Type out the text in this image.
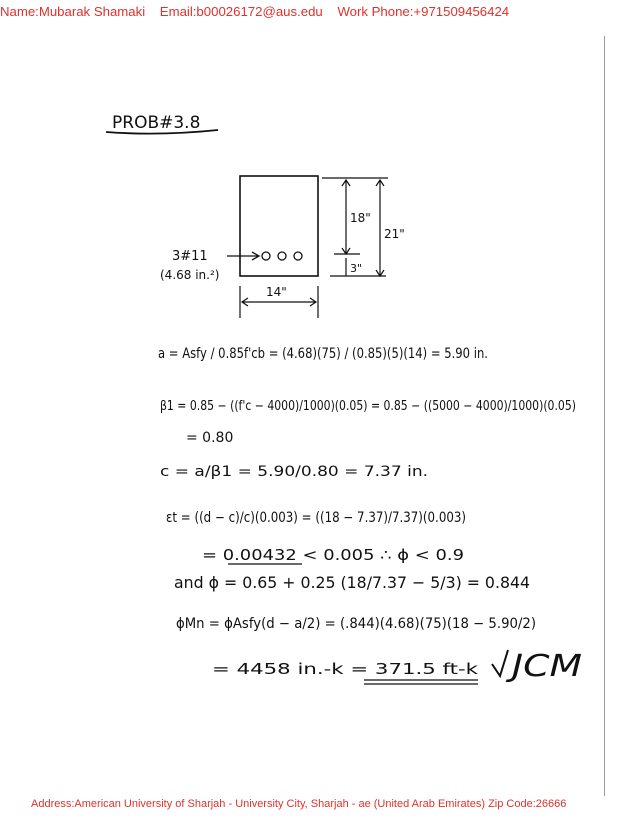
Name:Mubarak Shamaki Email:b00026172@aus.edu Work Phone:+971509456424
PROB#3.8
3#11
(4.68 in.²)
14"
18"
21"
3"
a = Asfy / 0.85f'cb = (4.68)(75) / (0.85)(5)(14) = 5.90 in.
β1 = 0.85 − ((f'c − 4000)/1000)(0.05) = 0.85 − ((5000 − 4000)/1000)(0.05)
= 0.80
c = a/β1 = 5.90/0.80 = 7.37 in.
εt = ((d − c)/c)(0.003) = ((18 − 7.37)/7.37)(0.003)
= 0.00432 < 0.005 ∴ ϕ < 0.9
and ϕ = 0.65 + 0.25 (18/7.37 − 5/3) = 0.844
ϕMn = ϕAsfy(d − a/2) = (.844)(4.68)(75)(18 − 5.90/2)
= 4458 in.-k = 371.5 ft-k JCM
Address:American University of Sharjah - University City, Sharjah - ae (United Arab Emirates) Zip Code:26666
